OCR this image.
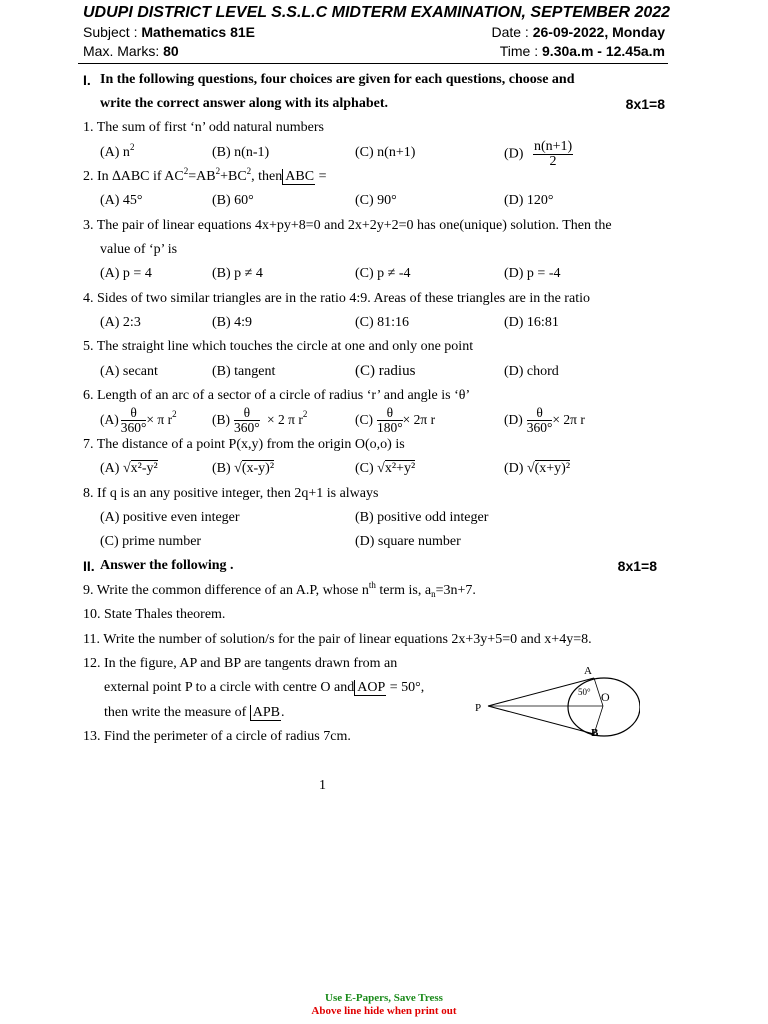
UDUPI DISTRICT LEVEL S.S.L.C MIDTERM EXAMINATION, SEPTEMBER 2022
Subject : Mathematics 81E	Date : 26-09-2022, Monday
Max. Marks: 80	Time : 9.30a.m - 12.45a.m
I. In the following questions, four choices are given for each questions, choose and
write the correct answer along with its alphabet.	8x1=8
1. The sum of first ‘n’ odd natural numbers
(A) $n^2$	(B) n(n-1)	(C) n(n+1)	$(D) \frac{n(n+1)}{2}$
2. In ∆ABC if $AC^2=AB^2+BC^2$, then ABC =
(A) 45°	(B) 60°	(C) 90°	(D) 120°
3. The pair of linear equations 4x+py+8=0 and 2x+2y+2=0 has one(unique) solution. Then the
value of ‘p’ is
(A) p = 4	(B) p ≠ 4	(C) p ≠ -4	(D) p = -4
4. Sides of two similar triangles are in the ratio 4:9. Areas of these triangles are in the ratio
(A) 2:3	(B) 4:9	(C) 81:16	(D) 16:81
5. The straight line which touches the circle at one and only one point
(A) secant	(B) tangent	(C) radius	(D) chord
6. Length of an arc of a sector of a circle of radius ‘r’ and angle is ‘θ’
$(A) \frac{\theta}{360^\circ} \times \pi$ $r^2$	$(B) \frac{\theta}{360^\circ} \times 2$ π $r^2$	$(C) \frac{\theta}{180^\circ} \times 2\pi$ r	$(D) \frac{\theta}{360^\circ} \times 2\pi$ r
7. The distance of a point P(x,y) from the origin O(o,o) is
(A) √x²-y²	(B) √(x-y)²	(C) √x²+y²	(D) √(x+y)²
8. If q is an any positive integer, then 2q+1 is always
(A) positive even integer	(B) positive odd integer
(C) prime number	(D) square number
II. Answer the following .	8x1=8
9. Write the common difference of an A.P, whose $n^{th}$ term is, $a_n=3n+7$.
10. State Thales theorem.
11. Write the number of solution/s for the pair of linear equations 2x+3y+5=0 and x+4y=8.
12. In the figure, AP and BP are tangents drawn from an
external point P to a circle with centre O and AOP = 50°,
then write the measure of APB.
A
B
P
O
50°
13. Find the perimeter of a circle of radius 7cm.
1
Use E-Papers, Save Tress
Above line hide when print out
